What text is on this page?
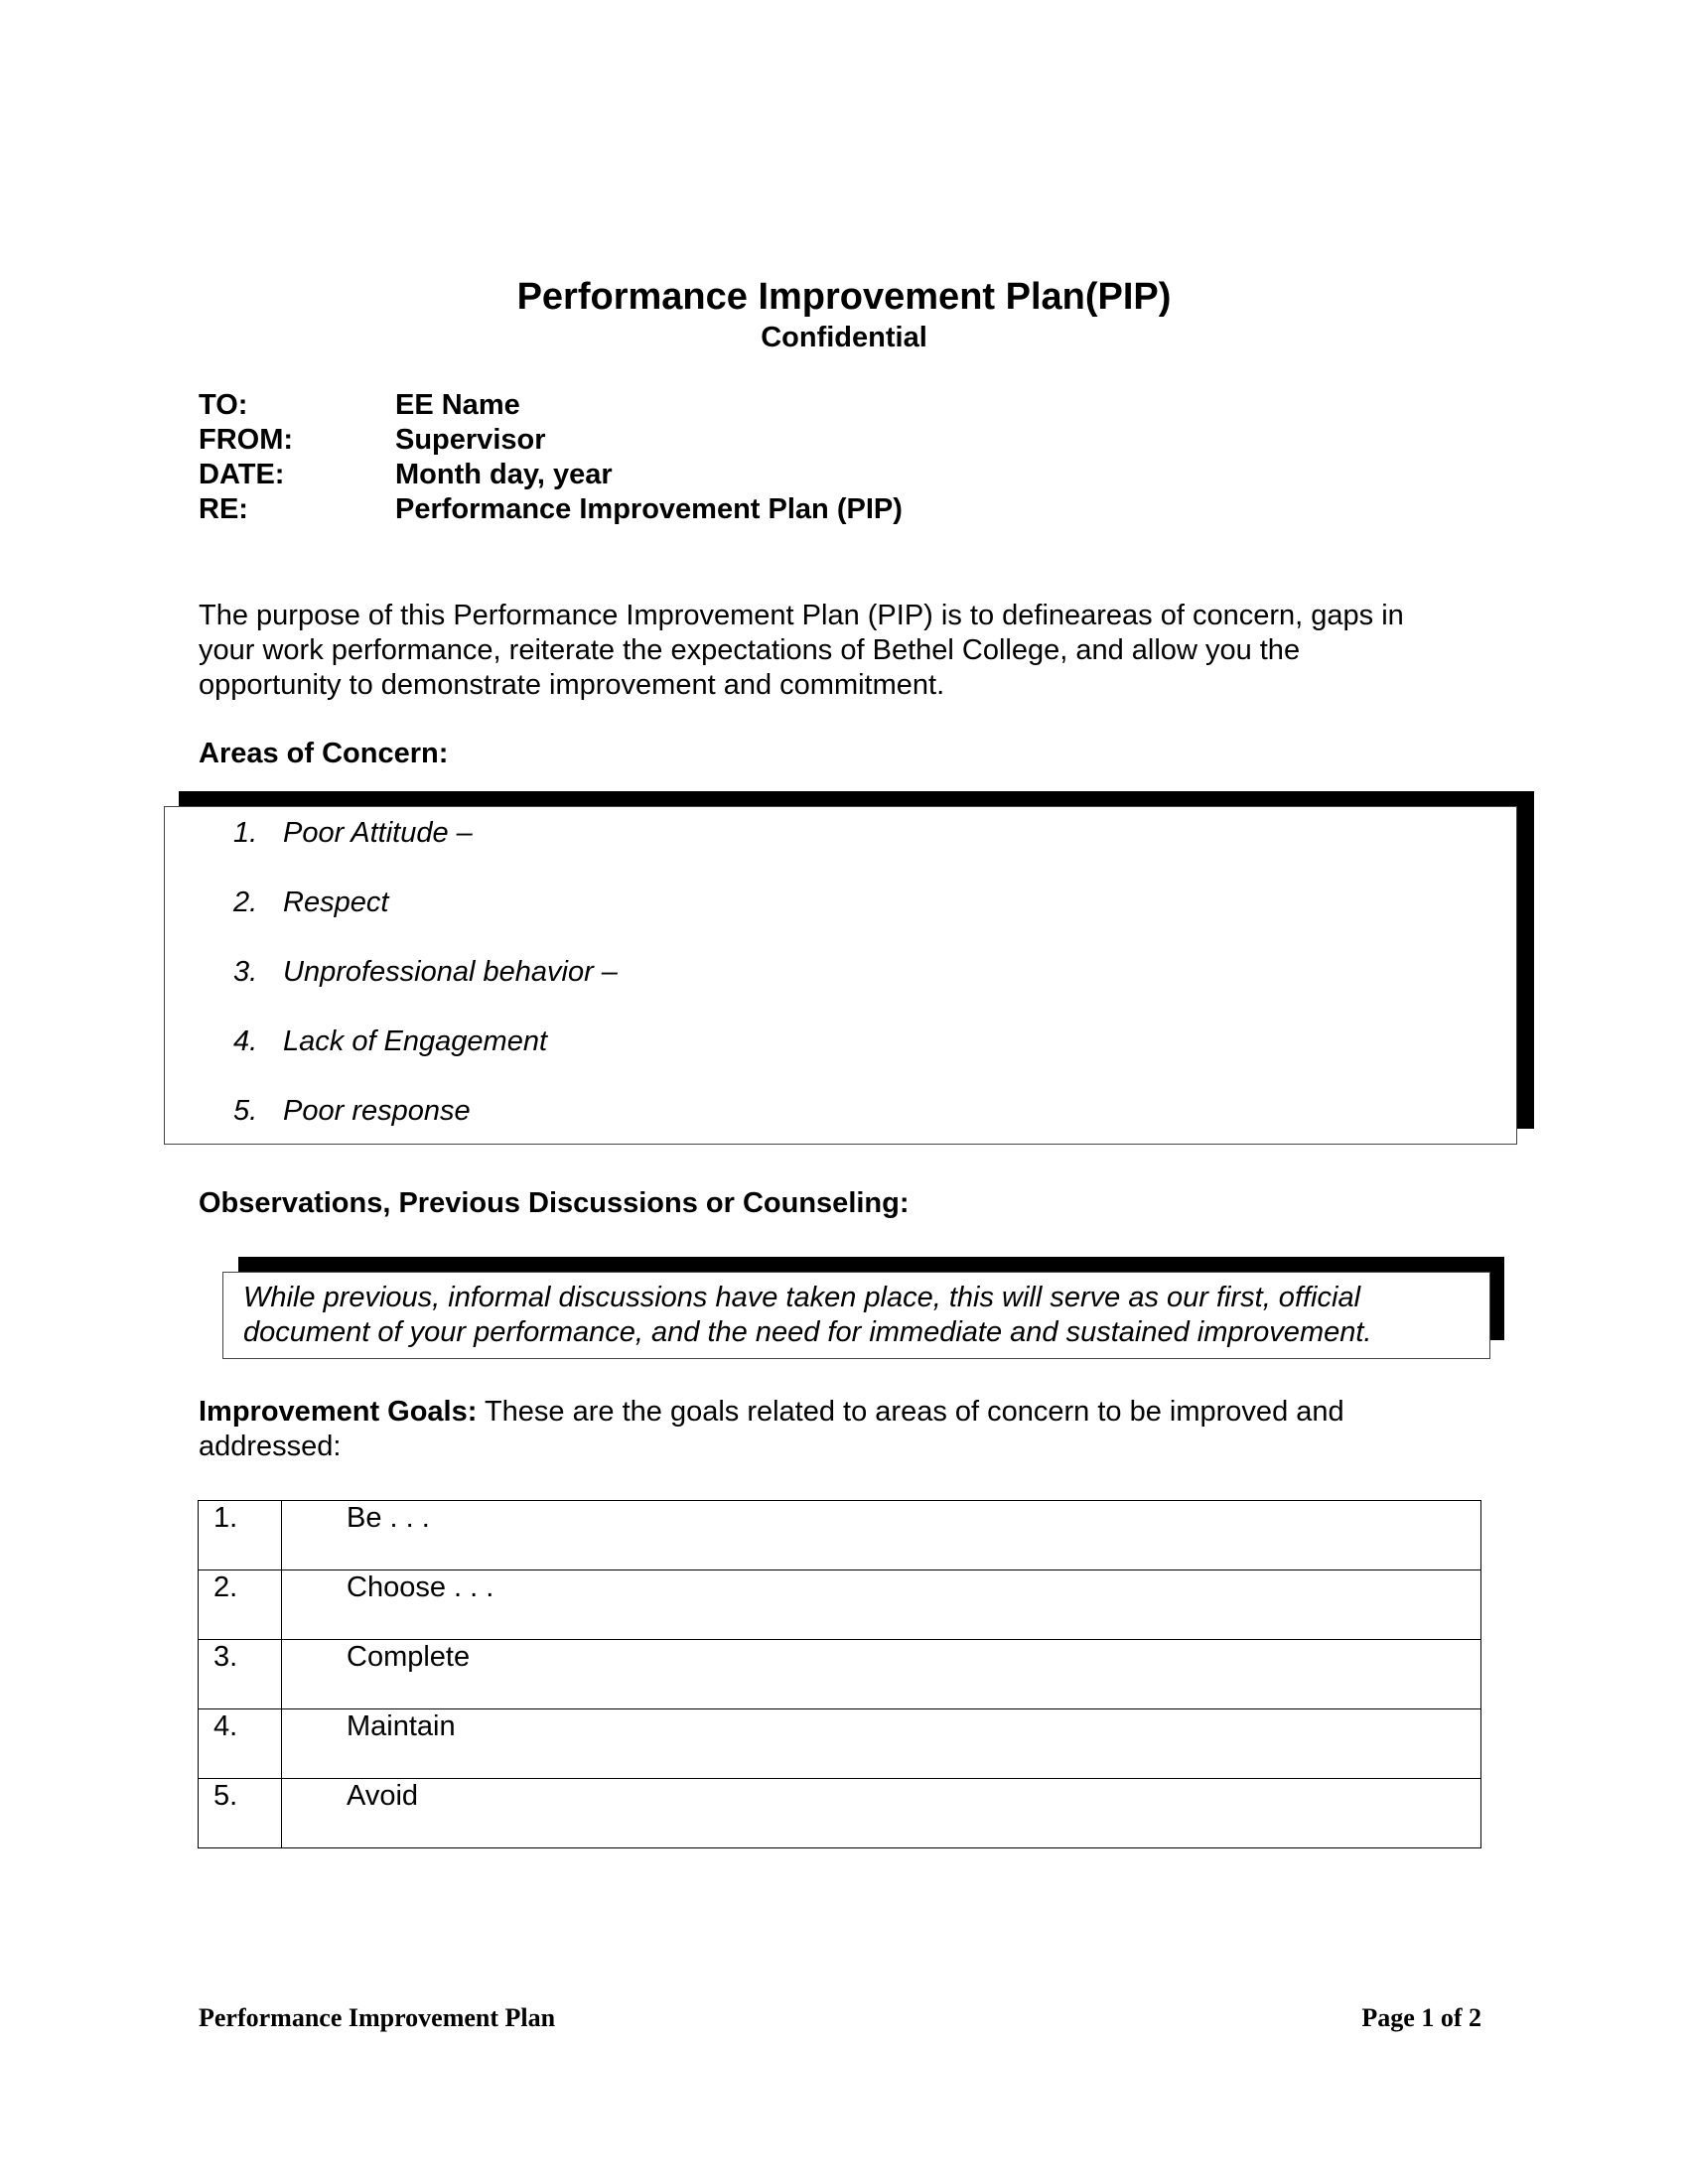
Performance Improvement Plan(PIP)
Confidential
TO:	EE Name
FROM:	Supervisor
DATE:	Month day, year
RE:	Performance Improvement Plan (PIP)
The purpose of this Performance Improvement Plan (PIP) is to defineareas of concern, gaps in
your work performance, reiterate the expectations of Bethel College, and allow you the
opportunity to demonstrate improvement and commitment.
Areas of Concern:
1. Poor Attitude –
2. Respect
3. Unprofessional behavior –
4. Lack of Engagement
5. Poor response
Observations, Previous Discussions or Counseling:
While previous, informal discussions have taken place, this will serve as our first, official
document of your performance, and the need for immediate and sustained improvement.
Improvement Goals: These are the goals related to areas of concern to be improved and
addressed:
1.	Be . . .
2.	Choose . . .
3.	Complete
4.	Maintain
5.	Avoid
Performance Improvement Plan	Page 1 of 2
